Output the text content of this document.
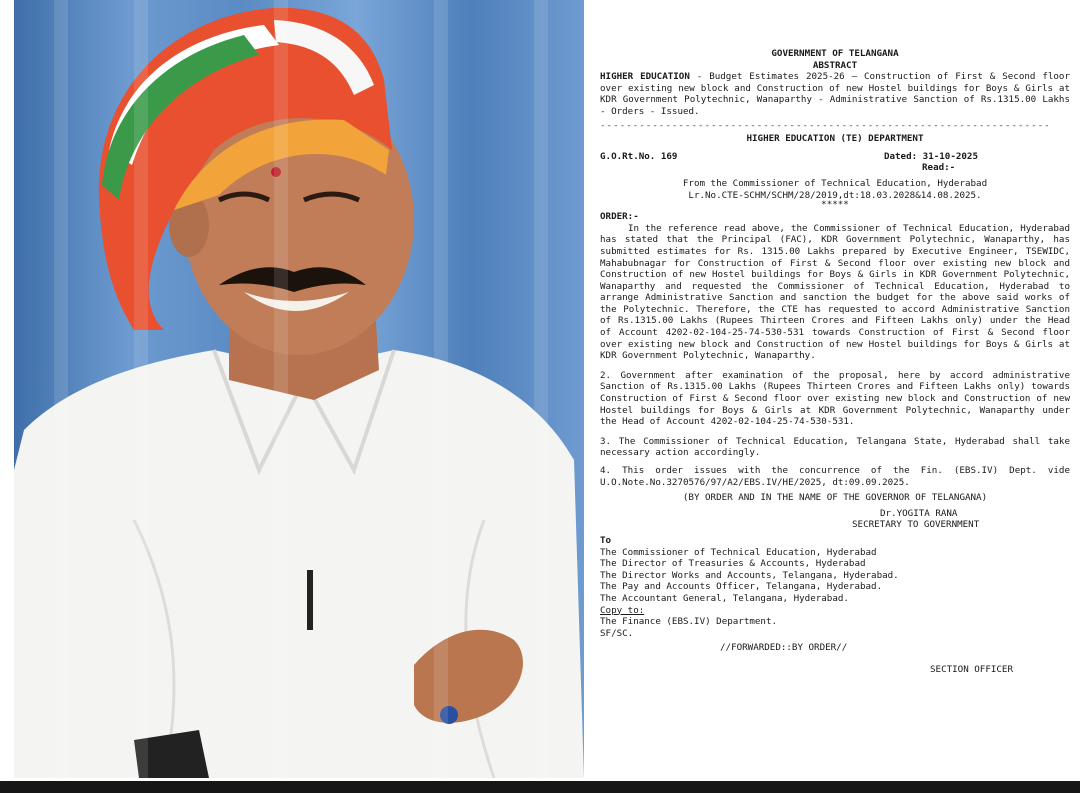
GOVERNMENT OF TELANGANA
ABSTRACT

HIGHER EDUCATION - Budget Estimates 2025-26 – Construction of First & Second floor over existing new block and Construction of new Hostel buildings for Boys & Girls at KDR Government Polytechnic, Wanaparthy - Administrative Sanction of Rs.1315.00 Lakhs - Orders - Issued.

---------------------------------------------------------------------
HIGHER EDUCATION (TE) DEPARTMENT
G.O.Rt.No. 169	Dated: 31-10-2025
Read:-
From the Commissioner of Technical Education, Hyderabad
Lr.No.CTE-SCHM/SCHM/28/2019,dt:18.03.2028&14.08.2025.
*****
ORDER:-

In the reference read above, the Commissioner of Technical Education, Hyderabad has stated that the Principal (FAC), KDR Government Polytechnic, Wanaparthy, has submitted estimates for Rs. 1315.00 Lakhs prepared by Executive Engineer, TSEWIDC, Mahabubnagar for Construction of First & Second floor over existing new block and Construction of new Hostel buildings for Boys & Girls in KDR Government Polytechnic, Wanaparthy and requested the Commissioner of Technical Education, Hyderabad to arrange Administrative Sanction and sanction the budget for the above said works of the Polytechnic. Therefore, the CTE has requested to accord Administrative Sanction of Rs.1315.00 Lakhs (Rupees Thirteen Crores and Fifteen Lakhs only) under the Head of Account 4202-02-104-25-74-530-531 towards Construction of First & Second floor over existing new block and Construction of new Hostel buildings for Boys & Girls at KDR Government Polytechnic, Wanaparthy.

2. Government after examination of the proposal, here by accord administrative Sanction of Rs.1315.00 Lakhs (Rupees Thirteen Crores and Fifteen Lakhs only) towards Construction of First & Second floor over existing new block and Construction of new Hostel buildings for Boys & Girls at KDR Government Polytechnic, Wanaparthy under the Head of Account 4202-02-104-25-74-530-531.

3. The Commissioner of Technical Education, Telangana State, Hyderabad shall take necessary action accordingly.

4. This order issues with the concurrence of the Fin. (EBS.IV) Dept. vide U.O.Note.No.3270576/97/A2/EBS.IV/HE/2025, dt:09.09.2025.

(BY ORDER AND IN THE NAME OF THE GOVERNOR OF TELANGANA)
Dr.YOGITA RANA
SECRETARY TO GOVERNMENT
To
The Commissioner of Technical Education, Hyderabad
The Director of Treasuries & Accounts, Hyderabad
The Director Works and Accounts, Telangana, Hyderabad.
The Pay and Accounts Officer, Telangana, Hyderabad.
The Accountant General, Telangana, Hyderabad.
Copy to:
The Finance (EBS.IV) Department.
SF/SC.
//FORWARDED::BY ORDER//
SECTION OFFICER
